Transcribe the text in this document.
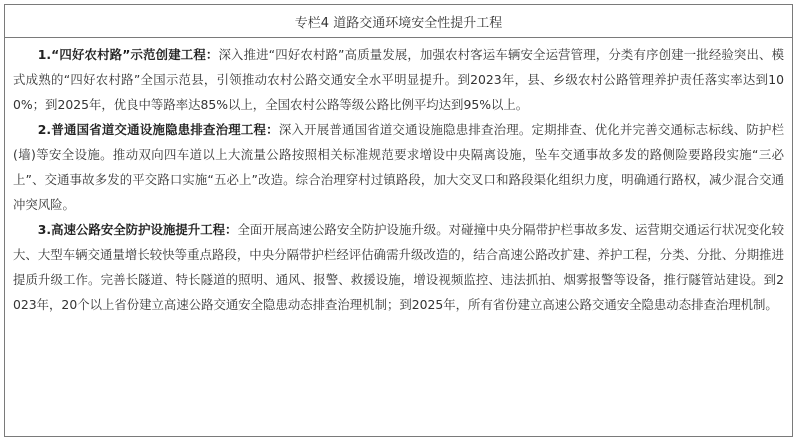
专栏4 道路交通环境安全性提升工程

1.“四好农村路”示范创建工程：深入推进“四好农村路”高质量发展，加强农村客运车辆安全运营管理，分类有序创建一批经验突出、模式成熟的“四好农村路”全国示范县，引领推动农村公路交通安全水平明显提升。到2023年，县、乡级农村公路管理养护责任落实率达到100%；到2025年，优良中等路率达85%以上，全国农村公路等级公路比例平均达到95%以上。

2.普通国省道交通设施隐患排查治理工程：深入开展普通国省道交通设施隐患排查治理。定期排查、优化并完善交通标志标线、防护栏(墙)等安全设施。推动双向四车道以上大流量公路按照相关标准规范要求增设中央隔离设施，坠车交通事故多发的路侧险要路段实施“三必上”、交通事故多发的平交路口实施“五必上”改造。综合治理穿村过镇路段，加大交叉口和路段渠化组织力度，明确通行路权，减少混合交通冲突风险。

3.高速公路安全防护设施提升工程：全面开展高速公路安全防护设施升级。对碰撞中央分隔带护栏事故多发、运营期交通运行状况变化较大、大型车辆交通量增长较快等重点路段，中央分隔带护栏经评估确需升级改造的，结合高速公路改扩建、养护工程，分类、分批、分期推进提质升级工作。完善长隧道、特长隧道的照明、通风、报警、救援设施，增设视频监控、违法抓拍、烟雾报警等设备，推行隧管站建设。到2023年，20个以上省份建立高速公路交通安全隐患动态排查治理机制；到2025年，所有省份建立高速公路交通安全隐患动态排查治理机制。
